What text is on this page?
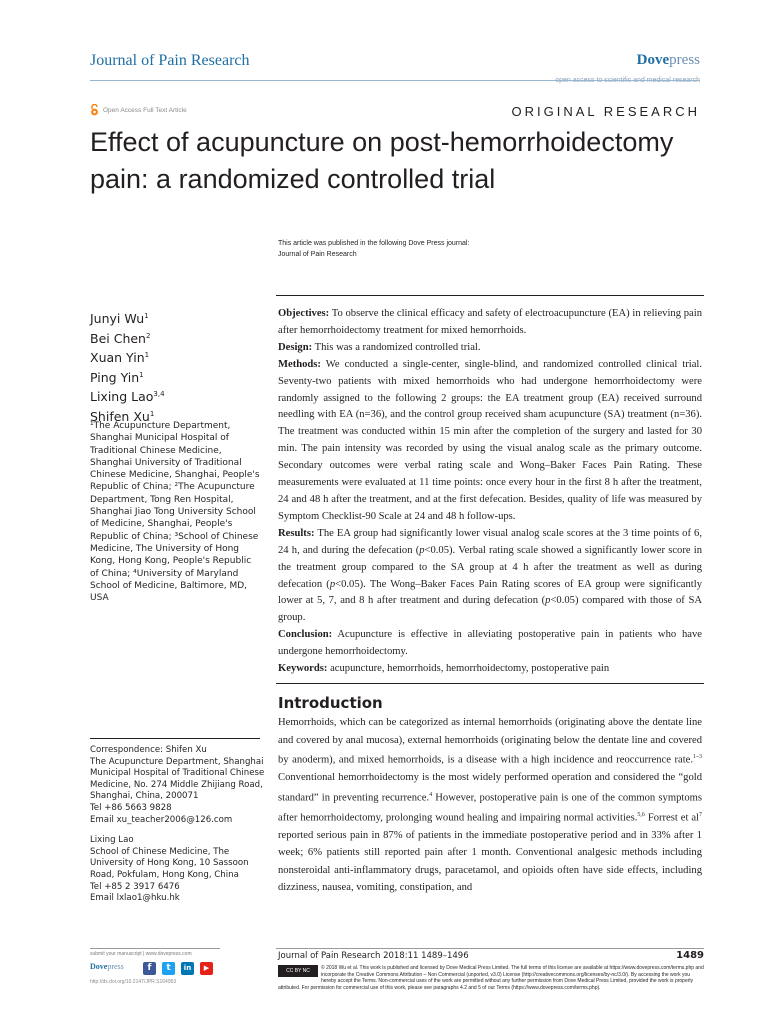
Journal of Pain Research	Dovepress
open access to scientific and medical research
Open Access Full Text Article	ORIGINAL RESEARCH
Effect of acupuncture on post-hemorrhoidectomy pain: a randomized controlled trial
This article was published in the following Dove Press journal:
Journal of Pain Research
Junyi Wu$^1$
Bei Chen$^2$
Xuan Yin$^1$
Ping Yin$^1$
Lixing Lao$^{3,4}$
Shifen Xu$^1$
¹The Acupuncture Department, Shanghai Municipal Hospital of Traditional Chinese Medicine, Shanghai University of Traditional Chinese Medicine, Shanghai, People's Republic of China; ²The Acupuncture Department, Tong Ren Hospital, Shanghai Jiao Tong University School of Medicine, Shanghai, People's Republic of China; ³School of Chinese Medicine, The University of Hong Kong, Hong Kong, People's Republic of China; ⁴University of Maryland School of Medicine, Baltimore, MD, USA

Objectives: To observe the clinical efficacy and safety of electroacupuncture (EA) in relieving pain after hemorrhoidectomy treatment for mixed hemorrhoids.

Design: This was a randomized controlled trial.

Methods: We conducted a single-center, single-blind, and randomized controlled clinical trial. Seventy-two patients with mixed hemorrhoids who had undergone hemorrhoidectomy were randomly assigned to the following 2 groups: the EA treatment group (EA) received surround needling with EA (n=36), and the control group received sham acupuncture (SA) treatment (n=36). The treatment was conducted within 15 min after the completion of the surgery and lasted for 30 min. The pain intensity was recorded by using the visual analog scale as the primary outcome. Secondary outcomes were verbal rating scale and Wong–Baker Faces Pain Rating. These measurements were evaluated at 11 time points: once every hour in the first 8 h after the treatment, 24 and 48 h after the treatment, and at the first defecation. Besides, quality of life was measured by Symptom Checklist-90 Scale at 24 and 48 h follow-ups.

Results: The EA group had significantly lower visual analog scale scores at the 3 time points of 6, 24 h, and during the defecation (p<0.05). Verbal rating scale showed a significantly lower score in the treatment group compared to the SA group at 4 h after the treatment as well as during defecation (p<0.05). The Wong–Baker Faces Pain Rating scores of EA group were significantly lower at 5, 7, and 8 h after treatment and during defecation (p<0.05) compared with those of SA group.

Conclusion: Acupuncture is effective in alleviating postoperative pain in patients who have undergone hemorrhoidectomy.

Keywords: acupuncture, hemorrhoids, hemorrhoidectomy, postoperative pain

Introduction
Hemorrhoids, which can be categorized as internal hemorrhoids (originating above the dentate line and covered by anal mucosa), external hemorrhoids (originating below the dentate line and covered by anoderm), and mixed hemorrhoids, is a disease with a high incidence and reoccurrence rate.$^{1-3}$ Conventional hemorrhoidectomy is the most widely performed operation and considered the “gold standard” in preventing recurrence.$^4$ However, postoperative pain is one of the common symptoms after hemorrhoidectomy, prolonging wound healing and impairing normal activities.$^{5,6}$ Forrest et $al^7$ reported serious pain in 87% of patients in the immediate postoperative period and in 33% after 1 week; 6% patients still reported pain after 1 month. Conventional analgesic methods including nonsteroidal anti-inflammatory drugs, paracetamol, and opioids often have side effects, including dizziness, nausea, vomiting, constipation, and
Correspondence: Shifen Xu
The Acupuncture Department, Shanghai Municipal Hospital of Traditional Chinese Medicine, No. 274 Middle Zhijiang Road, Shanghai, China, 200071
Tel +86 5663 9828
Email xu_teacher2006@126.com
Lixing Lao
School of Chinese Medicine, The University of Hong Kong, 10 Sassoon Road, Pokfulam, Hong Kong, China
Tel +85 2 3917 6476
Email lxlao1@hku.hk
submit your manuscript | www.dovepress.com
Dovepress	f	t	in	▶
http://dx.doi.org/10.2147/JPR.S164953
Journal of Pain Research 2018:11 1489–1496	1489
CC BY NC	© 2018 Wu et al. This work is published and licensed by Dove Medical Press Limited. The full terms of this license are available at https://www.dovepress.com/terms.php and incorporate the Creative Commons Attribution – Non Commercial (unported, v3.0) License (http://creativecommons.org/licenses/by-nc/3.0/). By accessing the work you hereby accept the Terms. Non-commercial uses of the work are permitted without any further permission from Dove Medical Press Limited, provided the work is properly attributed. For permission for commercial use of this work, please see paragraphs 4.2 and 5 of our Terms (https://www.dovepress.com/terms.php).
